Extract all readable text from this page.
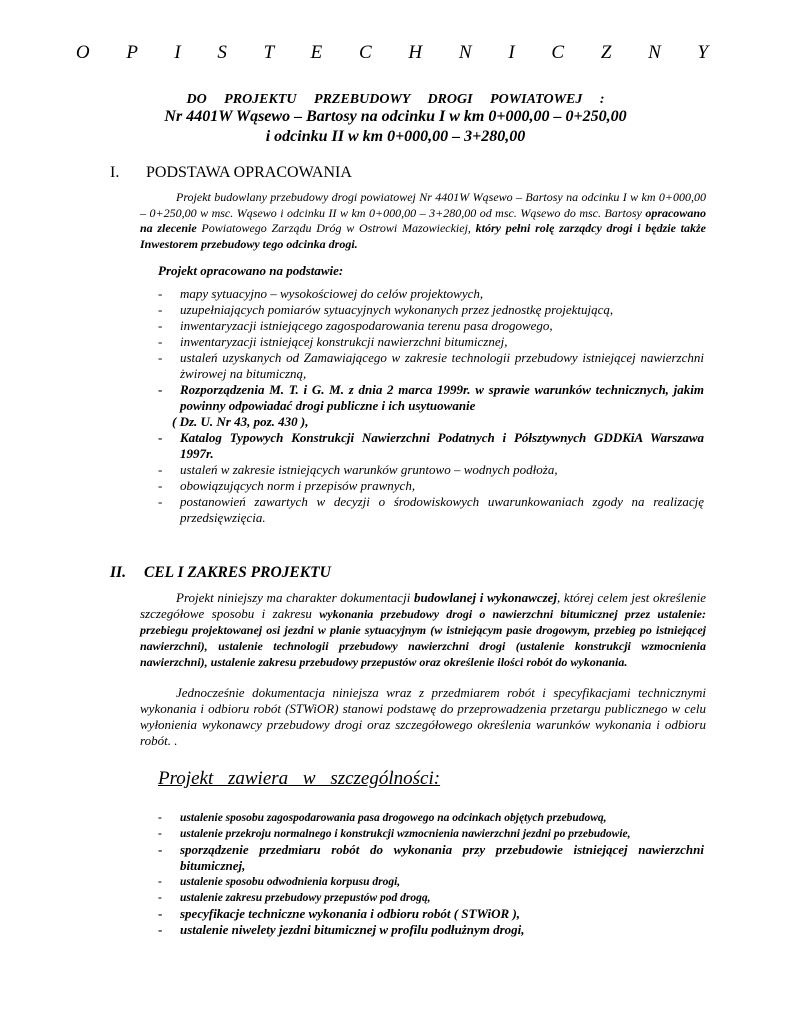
O P I S T E C H N I C Z N Y
DO PROJEKTU PRZEBUDOWY DROGI POWIATOWEJ :
Nr 4401W Wąsewo – Bartosy na odcinku I w km 0+000,00 – 0+250,00
i odcinku II w km 0+000,00 – 3+280,00
I. PODSTAWA OPRACOWANIA
Projekt budowlany przebudowy drogi powiatowej Nr 4401W Wąsewo – Bartosy na odcinku I w km 0+000,00 – 0+250,00 w msc. Wąsewo i odcinku II w km 0+000,00 – 3+280,00 od msc. Wąsewo do msc. Bartosy opracowano na zlecenie Powiatowego Zarządu Dróg w Ostrowi Mazowieckiej, który pełni rolę zarządcy drogi i będzie także Inwestorem przebudowy tego odcinka drogi.
Projekt opracowano na podstawie:
- mapy sytuacyjno – wysokościowej do celów projektowych,
- uzupełniających pomiarów sytuacyjnych wykonanych przez jednostkę projektującą,
- inwentaryzacji istniejącego zagospodarowania terenu pasa drogowego,
- inwentaryzacji istniejącej konstrukcji nawierzchni bitumicznej,
- ustaleń uzyskanych od Zamawiającego w zakresie technologii przebudowy istniejącej nawierzchni żwirowej na bitumiczną,
- Rozporządzenia M. T. i G. M. z dnia 2 marca 1999r. w sprawie warunków technicznych, jakim powinny odpowiadać drogi publiczne i ich usytuowanie
( Dz. U. Nr 43, poz. 430 ),
- Katalog Typowych Konstrukcji Nawierzchni Podatnych i Półsztywnych GDDKiA Warszawa 1997r.
- ustaleń w zakresie istniejących warunków gruntowo – wodnych podłoża,
- obowiązujących norm i przepisów prawnych,
- postanowień zawartych w decyzji o środowiskowych uwarunkowaniach zgody na realizację przedsięwzięcia.
II. CEL I ZAKRES PROJEKTU
Projekt niniejszy ma charakter dokumentacji budowlanej i wykonawczej, której celem jest określenie szczegółowe sposobu i zakresu wykonania przebudowy drogi o nawierzchni bitumicznej przez ustalenie: przebiegu projektowanej osi jezdni w planie sytuacyjnym (w istniejącym pasie drogowym, przebieg po istniejącej nawierzchni), ustalenie technologii przebudowy nawierzchni drogi (ustalenie konstrukcji wzmocnienia nawierzchni), ustalenie zakresu przebudowy przepustów oraz określenie ilości robót do wykonania.
Jednocześnie dokumentacja niniejsza wraz z przedmiarem robót i specyfikacjami technicznymi wykonania i odbioru robót (STWiOR) stanowi podstawę do przeprowadzenia przetargu publicznego w celu wyłonienia wykonawcy przebudowy drogi oraz szczegółowego określenia warunków wykonania i odbioru robót. .
Projekt zawiera w szczególności:
- ustalenie sposobu zagospodarowania pasa drogowego na odcinkach objętych przebudową,
- ustalenie przekroju normalnego i konstrukcji wzmocnienia nawierzchni jezdni po przebudowie,
- sporządzenie przedmiaru robót do wykonania przy przebudowie istniejącej nawierzchni bitumicznej,
- ustalenie sposobu odwodnienia korpusu drogi,
- ustalenie zakresu przebudowy przepustów pod drogą,
- specyfikacje techniczne wykonania i odbioru robót ( STWiOR ),
- ustalenie niwelety jezdni bitumicznej w profilu podłużnym drogi,
